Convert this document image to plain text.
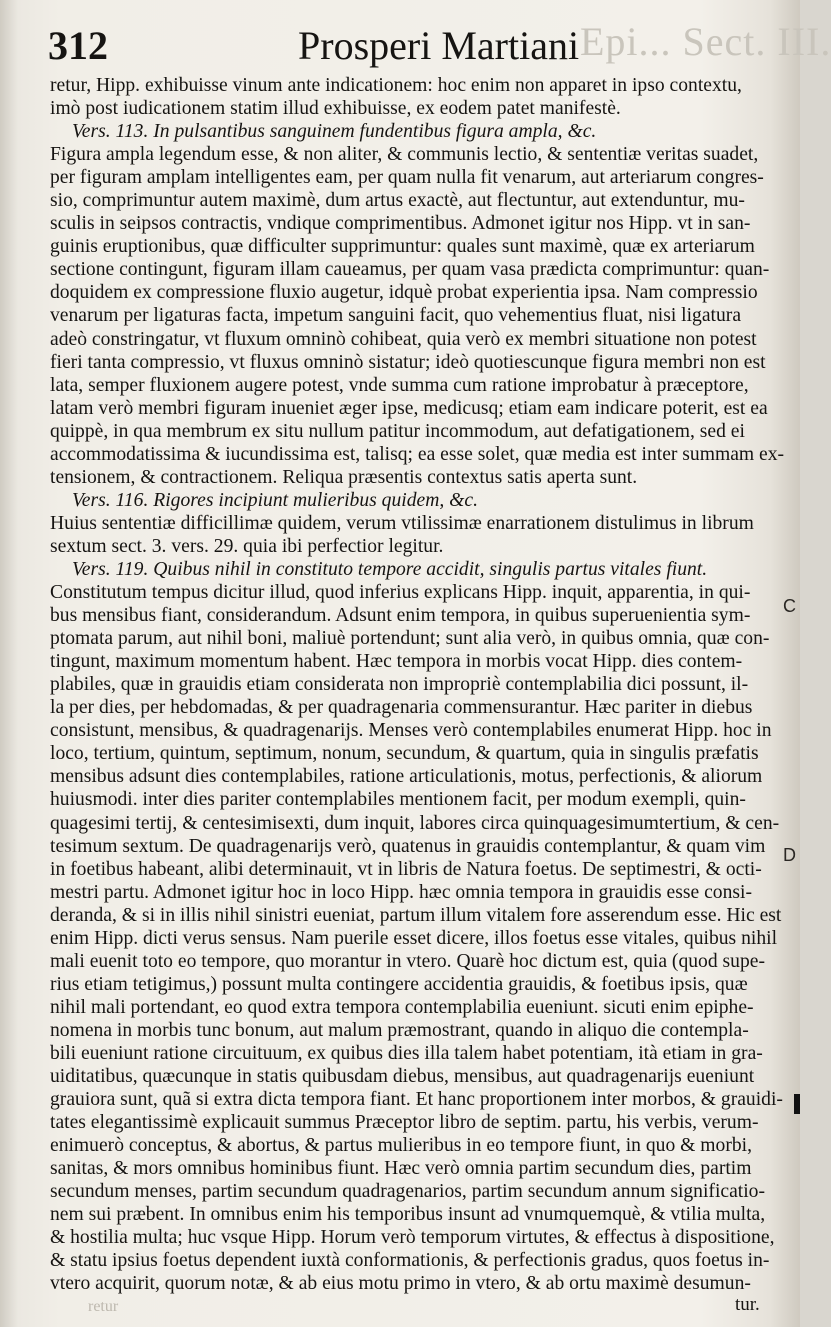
Epi... Sect. III.
312	Prosperi Martiani
retur, Hipp. exhibuisse vinum ante indicationem: hoc enim non apparet in ipso contextu,
imò post iudicationem statim illud exhibuisse, ex eodem patet manifestè.
Vers. 113. In pulsantibus sanguinem fundentibus figura ampla, &c.
Figura ampla legendum esse, & non aliter, & communis lectio, & sententiæ veritas suadet,
per figuram amplam intelligentes eam, per quam nulla fit venarum, aut arteriarum congres-
sio, comprimuntur autem maximè, dum artus exactè, aut flectuntur, aut extenduntur, mu-
sculis in seipsos contractis, vndique comprimentibus. Admonet igitur nos Hipp. vt in san-
guinis eruptionibus, quæ difficulter supprimuntur: quales sunt maximè, quæ ex arteriarum
sectione contingunt, figuram illam caueamus, per quam vasa prædicta comprimuntur: quan-
doquidem ex compressione fluxio augetur, idquè probat experientia ipsa. Nam compressio
venarum per ligaturas facta, impetum sanguini facit, quo vehementius fluat, nisi ligatura
adeò constringatur, vt fluxum omninò cohibeat, quia verò ex membri situatione non potest
fieri tanta compressio, vt fluxus omninò sistatur; ideò quotiescunque figura membri non est
lata, semper fluxionem augere potest, vnde summa cum ratione improbatur à præceptore,
latam verò membri figuram inueniet æger ipse, medicusq; etiam eam indicare poterit, est ea
quippè, in qua membrum ex situ nullum patitur incommodum, aut defatigationem, sed ei
accommodatissima & iucundissima est, talisq; ea esse solet, quæ media est inter summam ex-
tensionem, & contractionem. Reliqua præsentis contextus satis aperta sunt.
Vers. 116. Rigores incipiunt mulieribus quidem, &c.
Huius sententiæ difficillimæ quidem, verum vtilissimæ enarrationem distulimus in librum
sextum sect. 3. vers. 29. quia ibi perfectior legitur.
Vers. 119. Quibus nihil in constituto tempore accidit, singulis partus vitales fiunt.
Constitutum tempus dicitur illud, quod inferius explicans Hipp. inquit, apparentia, in qui-
bus mensibus fiant, considerandum. Adsunt enim tempora, in quibus superuenientia sym-
ptomata parum, aut nihil boni, maliuè portendunt; sunt alia verò, in quibus omnia, quæ con-
tingunt, maximum momentum habent. Hæc tempora in morbis vocat Hipp. dies contem-
plabiles, quæ in grauidis etiam considerata non impropriè contemplabilia dici possunt, il-
la per dies, per hebdomadas, & per quadragenaria commensurantur. Hæc pariter in diebus
consistunt, mensibus, & quadragenarijs. Menses verò contemplabiles enumerat Hipp. hoc in
loco, tertium, quintum, septimum, nonum, secundum, & quartum, quia in singulis præfatis
mensibus adsunt dies contemplabiles, ratione articulationis, motus, perfectionis, & aliorum
huiusmodi. inter dies pariter contemplabiles mentionem facit, per modum exempli, quin-
quagesimi tertij, & centesimisexti, dum inquit, labores circa quinquagesimumtertium, & cen-
tesimum sextum. De quadragenarijs verò, quatenus in grauidis contemplantur, & quam vim
in foetibus habeant, alibi determinauit, vt in libris de Natura foetus. De septimestri, & octi-
mestri partu. Admonet igitur hoc in loco Hipp. hæc omnia tempora in grauidis esse consi-
deranda, & si in illis nihil sinistri eueniat, partum illum vitalem fore asserendum esse. Hic est
enim Hipp. dicti verus sensus. Nam puerile esset dicere, illos foetus esse vitales, quibus nihil
mali euenit toto eo tempore, quo morantur in vtero. Quarè hoc dictum est, quia (quod supe-
rius etiam tetigimus,) possunt multa contingere accidentia grauidis, & foetibus ipsis, quæ
nihil mali portendant, eo quod extra tempora contemplabilia eueniunt. sicuti enim epiphe-
nomena in morbis tunc bonum, aut malum præmostrant, quando in aliquo die contempla-
bili eueniunt ratione circuituum, ex quibus dies illa talem habet potentiam, ità etiam in gra-
uiditatibus, quæcunque in statis quibusdam diebus, mensibus, aut quadragenarijs eueniunt
grauiora sunt, quã si extra dicta tempora fiant. Et hanc proportionem inter morbos, & grauidi-
tates elegantissimè explicauit summus Præceptor libro de septim. partu, his verbis, verum-
enimuerò conceptus, & abortus, & partus mulieribus in eo tempore fiunt, in quo & morbi,
sanitas, & mors omnibus hominibus fiunt. Hæc verò omnia partim secundum dies, partim
secundum menses, partim secundum quadragenarios, partim secundum annum significatio-
nem sui præbent. In omnibus enim his temporibus insunt ad vnumquemquè, & vtilia multa,
& hostilia multa; huc vsque Hipp. Horum verò temporum virtutes, & effectus à dispositione,
& statu ipsius foetus dependent iuxtà conformationis, & perfectionis gradus, quos foetus in-
vtero acquirit, quorum notæ, & ab eius motu primo in vtero, & ab ortu maximè desumun-
C
D
retur	tur.
